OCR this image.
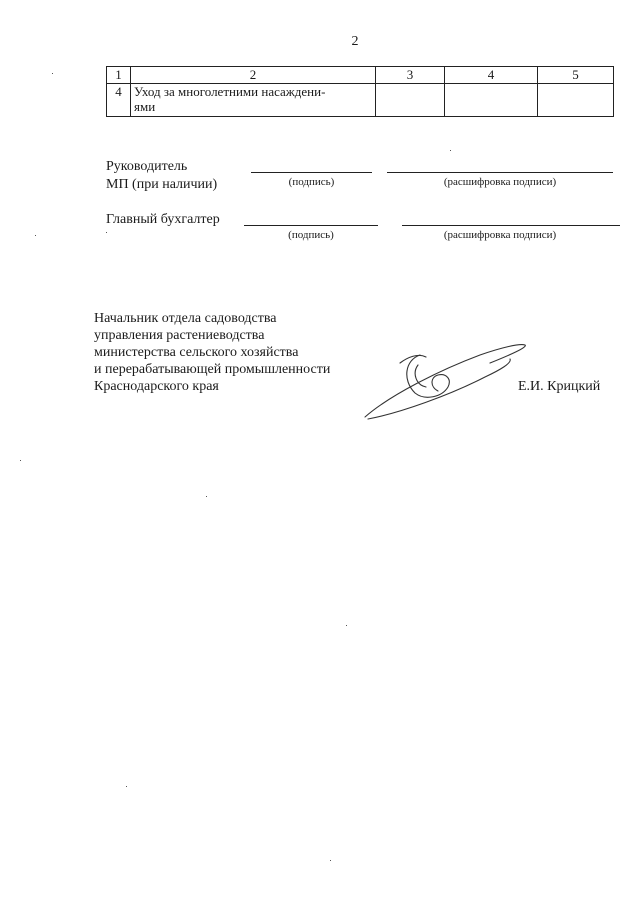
2
1	2	3	4	5
4	Уход за многолетними насаждени-
ями			

Руководитель
МП (при наличии)	(подпись)	(расшифровка подписи)
Главный бухгалтер
(подпись)	(расшифровка подписи)
Начальник отдела садоводства
управления растениеводства
министерства сельского хозяйства
и перерабатывающей промышленности
Краснодарского края	Е.И. Крицкий
